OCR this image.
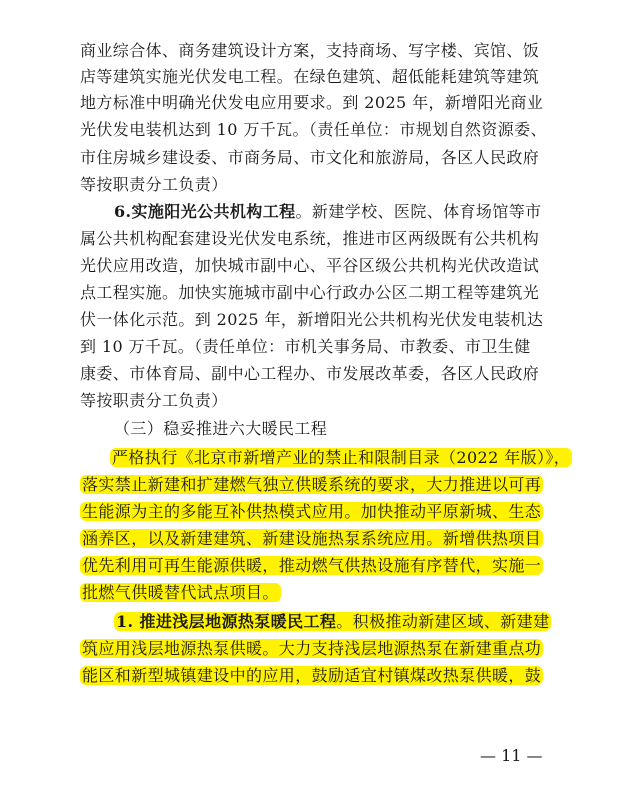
商业综合体、商务建筑设计方案，支持商场、写字楼、宾馆、饭
店等建筑实施光伏发电工程。在绿色建筑、超低能耗建筑等建筑
地方标准中明确光伏发电应用要求。到 2025 年，新增阳光商业
光伏发电装机达到 10 万千瓦。（责任单位：市规划自然资源委、
市住房城乡建设委、市商务局、市文化和旅游局，各区人民政府
等按职责分工负责）
6.实施阳光公共机构工程。新建学校、医院、体育场馆等市
属公共机构配套建设光伏发电系统，推进市区两级既有公共机构
光伏应用改造，加快城市副中心、平谷区级公共机构光伏改造试
点工程实施。加快实施城市副中心行政办公区二期工程等建筑光
伏一体化示范。到 2025 年，新增阳光公共机构光伏发电装机达
到 10 万千瓦。（责任单位：市机关事务局、市教委、市卫生健
康委、市体育局、副中心工程办、市发展改革委，各区人民政府
等按职责分工负责）
（三）稳妥推进六大暖民工程
严格执行《北京市新增产业的禁止和限制目录（2022 年版）》，
落实禁止新建和扩建燃气独立供暖系统的要求，大力推进以可再
生能源为主的多能互补供热模式应用。加快推动平原新城、生态
涵养区，以及新建建筑、新建设施热泵系统应用。新增供热项目
优先利用可再生能源供暖，推动燃气供热设施有序替代，实施一
批燃气供暖替代试点项目。
1. 推进浅层地源热泵暖民工程。积极推动新建区域、新建建
筑应用浅层地源热泵供暖。大力支持浅层地源热泵在新建重点功
能区和新型城镇建设中的应用，鼓励适宜村镇煤改热泵供暖，鼓
— 11 —
